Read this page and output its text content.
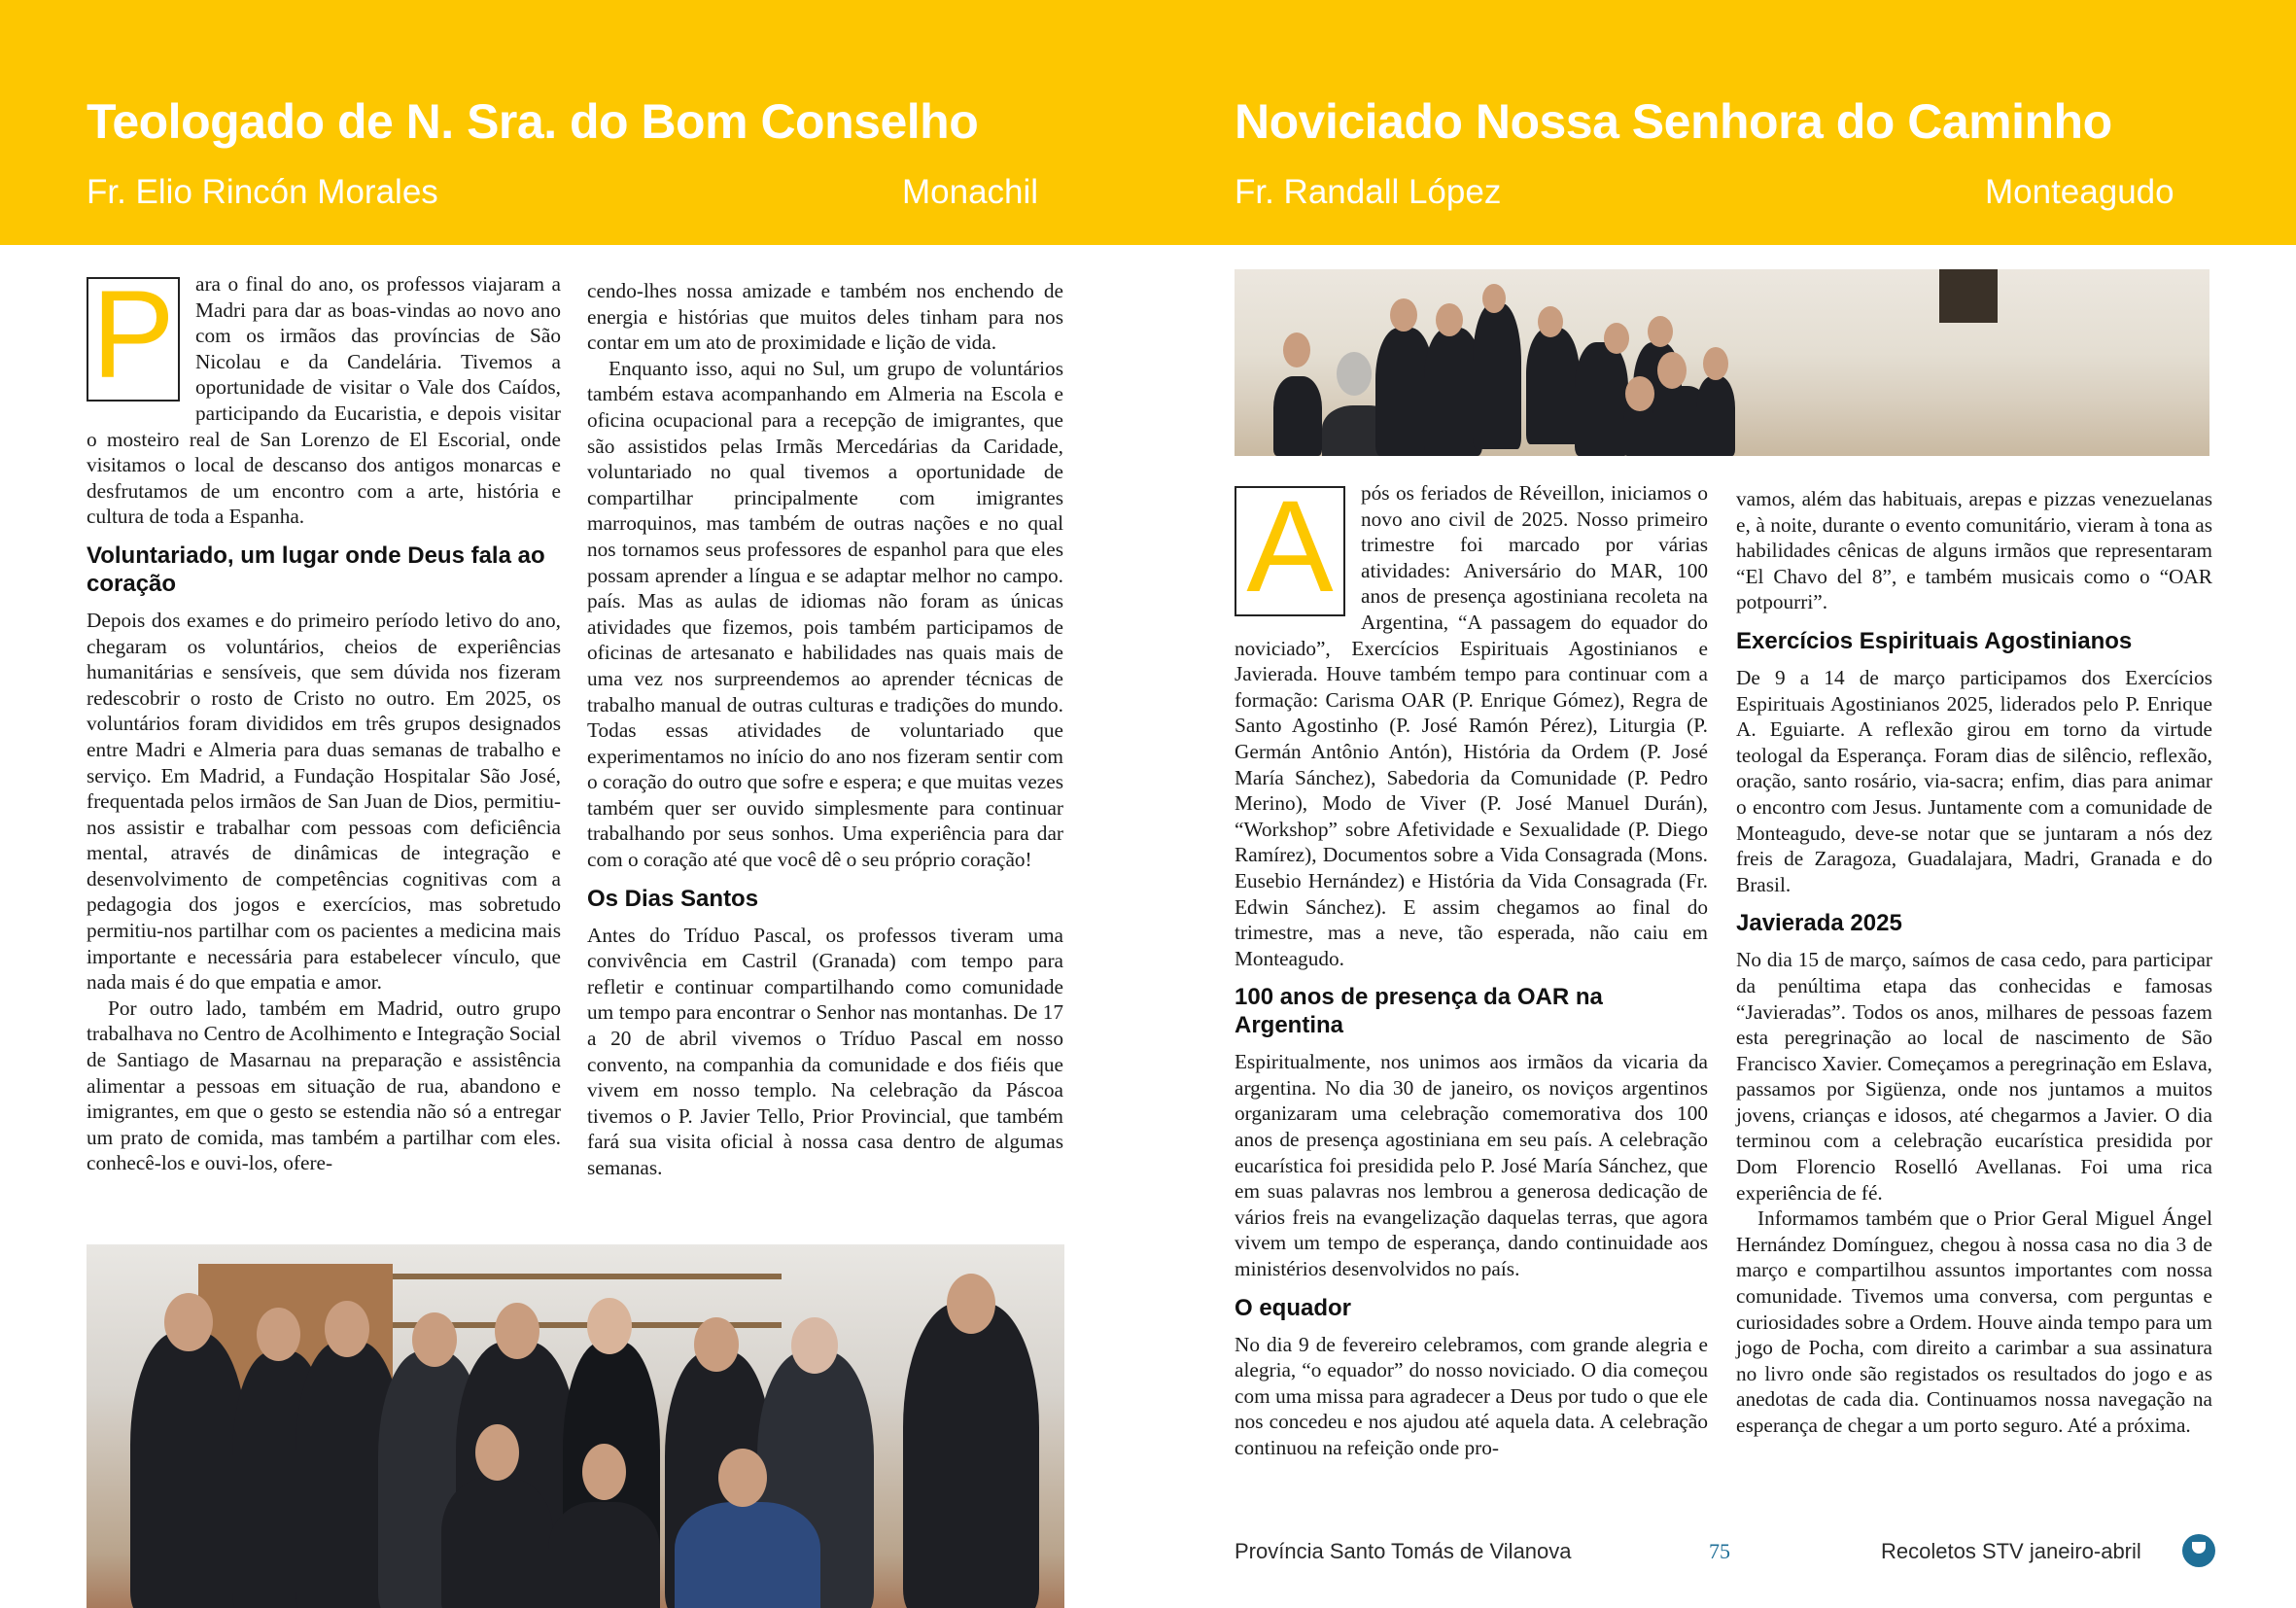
Teologado de N. Sra. do Bom Conselho
Fr. Elio Rincón Morales	Monachil
Noviciado Nossa Senhora do Caminho
Fr. Randall López	Monteagudo
P	ara o final do ano, os professos viajaram a Madri para dar as boas-vindas ao novo ano com os irmãos das províncias de São Nicolau e da Candelária. Tivemos a oportunidade de visitar o Vale dos Caídos, participando da Eucaristia, e depois visitar o mosteiro real de San Lorenzo de El Escorial, onde visitamos o local de descanso dos antigos monarcas e desfrutamos de um encontro com a arte, história e cultura de toda a Espanha.

Voluntariado, um lugar onde Deus fala ao coração

Depois dos exames e do primeiro período letivo do ano, chegaram os voluntários, cheios de experiências humanitárias e sensíveis, que sem dúvida nos fizeram redescobrir o rosto de Cristo no outro. Em 2025, os voluntários foram divididos em três grupos designados entre Madri e Almeria para duas semanas de trabalho e serviço. Em Madrid, a Fundação Hospitalar São José, frequentada pelos irmãos de San Juan de Dios, permitiu-nos assistir e trabalhar com pessoas com deficiência mental, através de dinâmicas de integração e desenvolvimento de competências cognitivas com a pedagogia dos jogos e exercícios, mas sobretudo permitiu-nos partilhar com os pacientes a medicina mais importante e necessária para estabelecer vínculo, que nada mais é do que empatia e amor.

Por outro lado, também em Madrid, outro grupo trabalhava no Centro de Acolhimento e Integração Social de Santiago de Masarnau na preparação e assistência alimentar a pessoas em situação de rua, abandono e imigrantes, em que o gesto se estendia não só a entregar um prato de comida, mas também a partilhar com eles. conhecê-los e ouvi-los, ofere-

cendo-lhes nossa amizade e também nos enchendo de energia e histórias que muitos deles tinham para nos contar em um ato de proximidade e lição de vida.

Enquanto isso, aqui no Sul, um grupo de voluntários também estava acompanhando em Almeria na Escola e oficina ocupacional para a recepção de imigrantes, que são assistidos pelas Irmãs Mercedárias da Caridade, voluntariado no qual tivemos a oportunidade de compartilhar principalmente com imigrantes marroquinos, mas também de outras nações e no qual nos tornamos seus professores de espanhol para que eles possam aprender a língua e se adaptar melhor no campo. país. Mas as aulas de idiomas não foram as únicas atividades que fizemos, pois também participamos de oficinas de artesanato e habilidades nas quais mais de uma vez nos surpreendemos ao aprender técnicas de trabalho manual de outras culturas e tradições do mundo. Todas essas atividades de voluntariado que experimentamos no início do ano nos fizeram sentir com o coração do outro que sofre e espera; e que muitas vezes também quer ser ouvido simplesmente para continuar trabalhando por seus sonhos. Uma experiência para dar com o coração até que você dê o seu próprio coração!

Os Dias Santos

Antes do Tríduo Pascal, os professos tiveram uma convivência em Castril (Granada) com tempo para refletir e continuar compartilhando como comunidade um tempo para encontrar o Senhor nas montanhas. De 17 a 20 de abril vivemos o Tríduo Pascal em nosso convento, na companhia da comunidade e dos fiéis que vivem em nosso templo. Na celebração da Páscoa tivemos o P. Javier Tello, Prior Provincial, que também fará sua visita oficial à nossa casa dentro de algumas semanas.

A	pós os feriados de Réveillon, iniciamos o novo ano civil de 2025. Nosso primeiro trimestre foi marcado por várias atividades: Aniversário do MAR, 100 anos de presença agostiniana recoleta na Argentina, “A passagem do equador do noviciado”, Exercícios Espirituais Agostinianos e Javierada. Houve também tempo para continuar com a formação: Carisma OAR (P. Enrique Gómez), Regra de Santo Agostinho (P. José Ramón Pérez), Liturgia (P. Germán Antônio Antón), História da Ordem (P. José María Sánchez), Sabedoria da Comunidade (P. Pedro Merino), Modo de Viver (P. José Manuel Durán), “Workshop” sobre Afetividade e Sexualidade (P. Diego Ramírez), Documentos sobre a Vida Consagrada (Mons. Eusebio Hernández) e História da Vida Consagrada (Fr. Edwin Sánchez). E assim chegamos ao final do trimestre, mas a neve, tão esperada, não caiu em Monteagudo.

100 anos de presença da OAR na Argentina

Espiritualmente, nos unimos aos irmãos da vicaria da argentina. No dia 30 de janeiro, os noviços argentinos organizaram uma celebração comemorativa dos 100 anos de presença agostiniana em seu país. A celebração eucarística foi presidida pelo P. José María Sánchez, que em suas palavras nos lembrou a generosa dedicação de vários freis na evangelização daquelas terras, que agora vivem um tempo de esperança, dando continuidade aos ministérios desenvolvidos no país.

O equador

No dia 9 de fevereiro celebramos, com grande alegria e alegria, “o equador” do nosso noviciado. O dia começou com uma missa para agradecer a Deus por tudo o que ele nos concedeu e nos ajudou até aquela data. A celebração continuou na refeição onde pro-

vamos, além das habituais, arepas e pizzas venezuelanas e, à noite, durante o evento comunitário, vieram à tona as habilidades cênicas de alguns irmãos que representaram “El Chavo del 8”, e também musicais como o “OAR potpourri”.

Exercícios Espirituais Agostinianos

De 9 a 14 de março participamos dos Exercícios Espirituais Agostinianos 2025, liderados pelo P. Enrique A. Eguiarte. A reflexão girou em torno da virtude teologal da Esperança. Foram dias de silêncio, reflexão, oração, santo rosário, via-sacra; enfim, dias para animar o encontro com Jesus. Juntamente com a comunidade de Monteagudo, deve-se notar que se juntaram a nós dez freis de Zaragoza, Guadalajara, Madri, Granada e do Brasil.

Javierada 2025

No dia 15 de março, saímos de casa cedo, para participar da penúltima etapa das conhecidas e famosas “Javieradas”. Todos os anos, milhares de pessoas fazem esta peregrinação ao local de nascimento de São Francisco Xavier. Começamos a peregrinação em Eslava, passamos por Sigüenza, onde nos juntamos a muitos jovens, crianças e idosos, até chegarmos a Javier. O dia terminou com a celebração eucarística presidida por Dom Florencio Roselló Avellanas. Foi uma rica experiência de fé.

Informamos também que o Prior Geral Miguel Ángel Hernández Domínguez, chegou à nossa casa no dia 3 de março e compartilhou assuntos importantes com nossa comunidade. Tivemos uma conversa, com perguntas e curiosidades sobre a Ordem. Houve ainda tempo para um jogo de Pocha, com direito a carimbar a sua assinatura no livro onde são registados os resultados do jogo e as anedotas de cada dia. Continuamos nossa navegação na esperança de chegar a um porto seguro. Até a próxima.

Província Santo Tomás de Vilanova	75	Recoletos STV janeiro-abril
